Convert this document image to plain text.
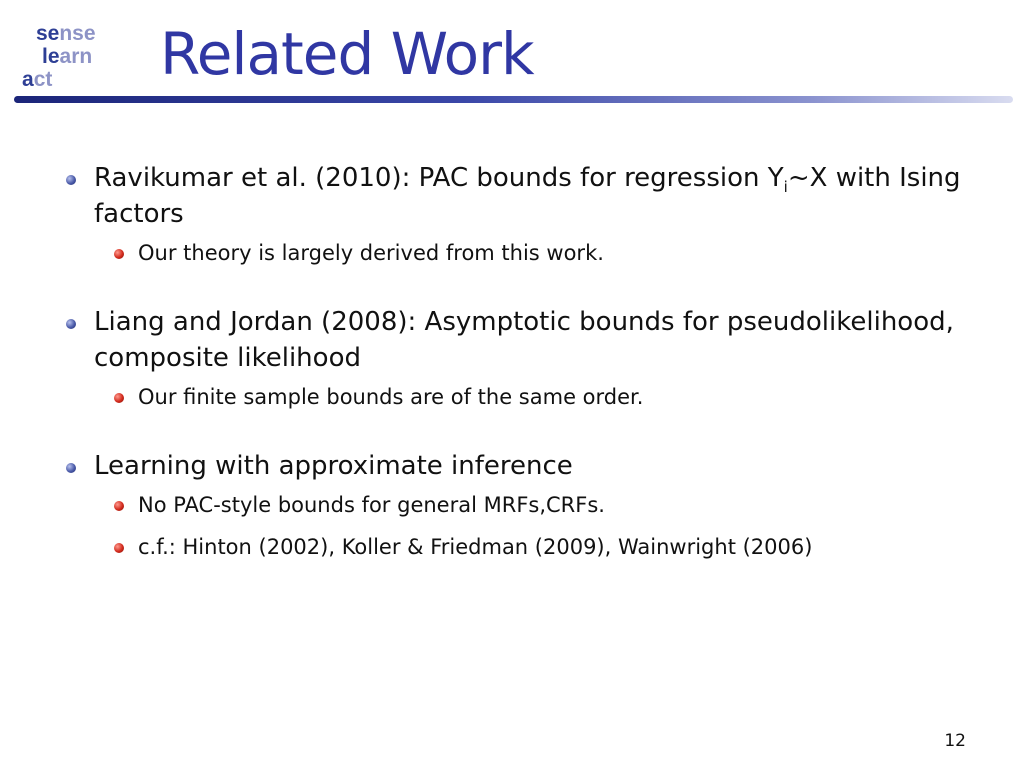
sense
learn
act	Related Work
Ravikumar et al. (2010): PAC bounds for regression $Y_i\sim X$ with Ising factors
Our theory is largely derived from this work.
Liang and Jordan (2008): Asymptotic bounds for pseudolikelihood, composite likelihood
Our finite sample bounds are of the same order.
Learning with approximate inference
No PAC-style bounds for general MRFs,CRFs.
c.f.: Hinton (2002), Koller & Friedman (2009), Wainwright (2006)
12
